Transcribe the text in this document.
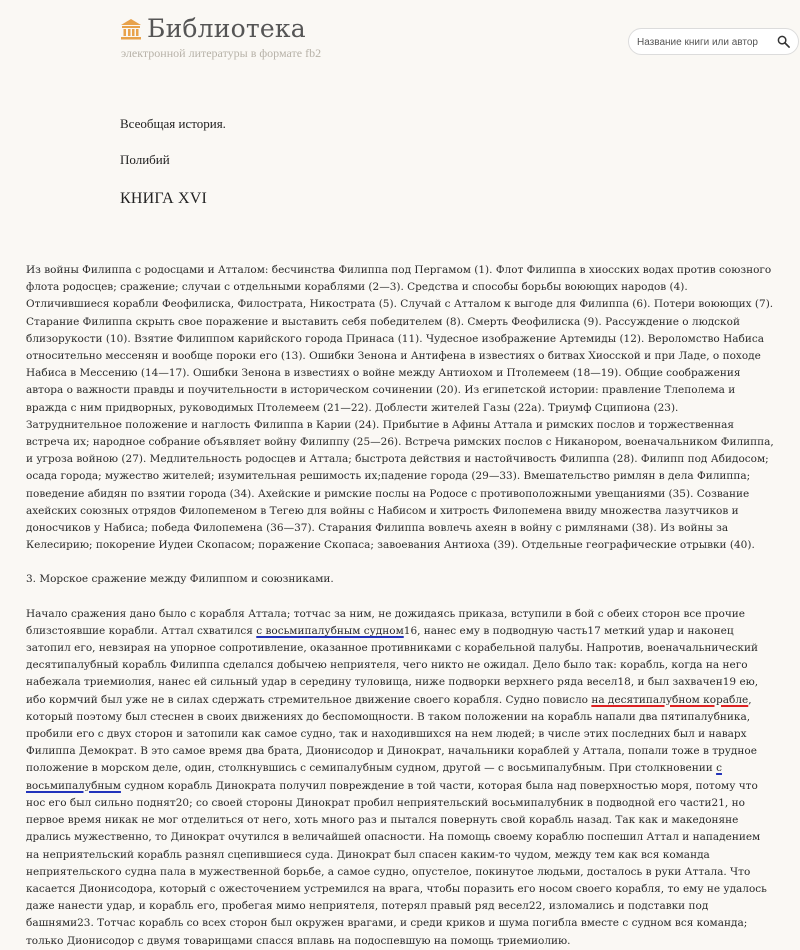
Библиотека
электронной литературы в формате fb2
Название книги или автор
Всеобщая история.
Полибий
КНИГА XVI

Из войны Филиппа с родосцами и Атталом: бесчинства Филиппа под Пергамом (1). Флот Филиппа в хиосских водах против союзного флота родосцев; сражение; случаи с отдельными кораблями (2—3). Средства и способы борьбы воюющих народов (4). Отличившиеся корабли Феофилиска, Филострата, Никострата (5). Случай с Атталом к выгоде для Филиппа (6). Потери воюющих (7). Старание Филиппа скрыть свое поражение и выставить себя победителем (8). Смерть Феофилиска (9). Рассуждение о людской близорукости (10). Взятие Филиппом карийского города Принаса (11). Чудесное изображение Артемиды (12). Вероломство Набиса относительно мессенян и вообще пороки его (13). Ошибки Зенона и Антифена в известиях о битвах Хиосской и при Ладе, о походе Набиса в Мессению (14—17). Ошибки Зенона в известиях о войне между Антиохом и Птолемеем (18—19). Общие соображения автора о важности правды и поучительности в историческом сочинении (20). Из египетской истории: правление Тлеполема и вражда с ним придворных, руководимых Птолемеем (21—22). Доблести жителей Газы (22а). Триумф Сципиона (23). Затруднительное положение и наглость Филиппа в Карии (24). Прибытие в Афины Аттала и римских послов и торжественная встреча их; народное собрание объявляет войну Филиппу (25—26). Встреча римских послов с Никанором, военачальником Филиппа, и угроза войною (27). Медлительность родосцев и Аттала; быстрота действия и настойчивость Филиппа (28). Филипп под Абидосом; осада города; мужество жителей; изумительная решимость их;падение города (29—33). Вмешательство римлян в дела Филиппа; поведение абидян по взятии города (34). Ахейские и римские послы на Родосе с противоположными увещаниями (35). Созвание ахейских союзных отрядов Филопеменом в Тегею для войны с Набисом и хитрость Филопемена ввиду множества лазутчиков и доносчиков у Набиса; победа Филопемена (36—37). Старания Филиппа вовлечь ахеян в войну с римлянами (38). Из войны за Келесирию; покорение Иудеи Скопасом; поражение Скопаса; завоевания Антиоха (39). Отдельные географические отрывки (40).

3. Морское сражение между Филиппом и союзниками.

Начало сражения дано было с корабля Аттала; тотчас за ним, не дожидаясь приказа, вступили в бой с обеих сторон все прочие близстоявшие корабли. Аттал схватился с восьмипалубным судном16, нанес ему в подводную часть17 меткий удар и наконец затопил его, невзирая на упорное сопротивление, оказанное противниками с корабельной палубы. Напротив, военачальнический десятипалубный корабль Филиппа сделался добычею неприятеля, чего никто не ожидал. Дело было так: корабль, когда на него набежала триемиолия, нанес ей сильный удар в середину туловища, ниже подворки верхнего ряда весел18, и был захвачен19 ею, ибо кормчий был уже не в силах сдержать стремительное движение своего корабля. Судно повисло на десятипалубном корабле, который поэтому был стеснен в своих движениях до беспомощности. В таком положении на корабль напали два пятипалубника, пробили его с двух сторон и затопили как самое судно, так и находившихся на нем людей; в числе этих последних был и наварх Филиппа Демократ. В это самое время два брата, Дионисодор и Динократ, начальники кораблей у Аттала, попали тоже в трудное положение в морском деле, один, столкнувшись с семипалубным судном, другой — с восьмипалубным. При столкновении с восьмипалубным судном корабль Динократа получил повреждение в той части, которая была над поверхностью моря, потому что нос его был сильно поднят20; со своей стороны Динократ пробил неприятельский восьмипалубник в подводной его части21, но первое время никак не мог отделиться от него, хоть много раз и пытался повернуть свой корабль назад. Так как и македоняне дрались мужественно, то Динократ очутился в величайшей опасности. На помощь своему кораблю поспешил Аттал и нападением на неприятельский корабль разнял сцепившиеся суда. Динократ был спасен каким-то чудом, между тем как вся команда неприятельского судна пала в мужественной борьбе, а самое судно, опустелое, покинутое людьми, досталось в руки Аттала. Что касается Дионисодора, который с ожесточением устремился на врага, чтобы поразить его носом своего корабля, то ему не удалось даже нанести удар, и корабль его, пробегая мимо неприятеля, потерял правый ряд весел22, изломались и подставки под башнями23. Тотчас корабль со всех сторон был окружен врагами, и среди криков и шума погибла вместе с судном вся команда; только Дионисодор с двумя товарищами спасся вплавь на подоспевшую на помощь триемиолию.
